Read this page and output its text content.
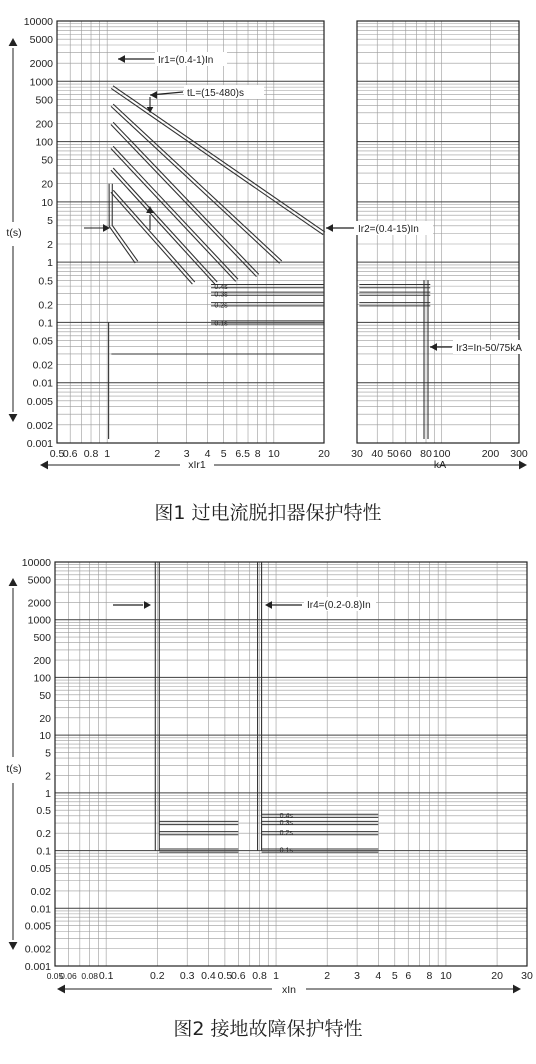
0.5
0.6 0.8 1	2 3 4 5 6.5 8 10	20 30 40 50 60 80 100	200 300
10000
5000
2000
1000
500
200
100
50
20
10
5
2
1
0.5
0.2
0.1
0.05
0.02
0.01
0.005
0.002
0.001
t(s)
xIr1	kA
0.4s
0.3s
0.2s
0.1s
Ir1=(0.4-1)In
tL=(15-480)s
Ir2=(0.4-15)In
Ir3=In-50/75kA
10000
5000
2000
1000
500
200
100
50
20
10
5
2
1
0.5
0.2
0.1
0.05
0.02
0.01
0.005
0.002
0.001
0.05
0.06 0.08 0.1	0.2 0.3 0.4 0.5
0.6 0.8 1	2 3 4 5 6 8 10	20 30
t(s)
xIn
0.4s
0.3s
0.2s
0.1s
Ir4=(0.2-0.8)In
图1 过电流脱扣器保护特性
图2 接地故障保护特性
